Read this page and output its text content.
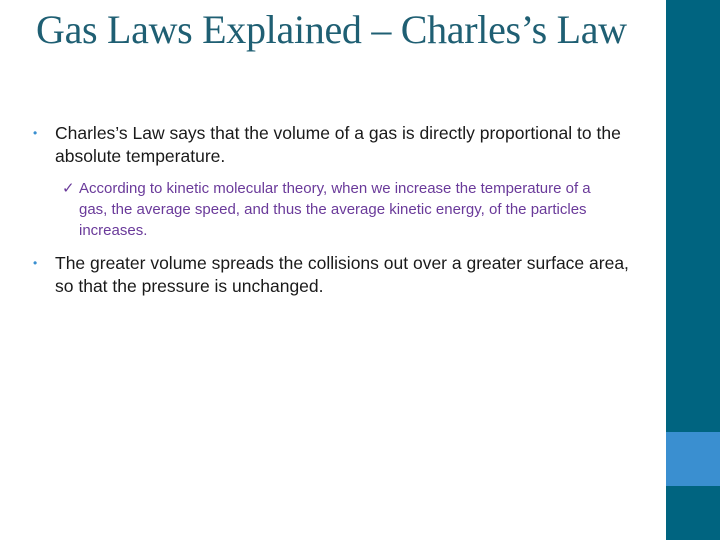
Gas Laws Explained – Charles’s Law
• Charles’s Law says that the volume of a gas is directly proportional to the absolute temperature.
✓ According to kinetic molecular theory, when we increase the temperature of a gas, the average speed, and thus the average kinetic energy, of the particles increases.
• The greater volume spreads the collisions out over a greater surface area, so that the pressure is unchanged.
